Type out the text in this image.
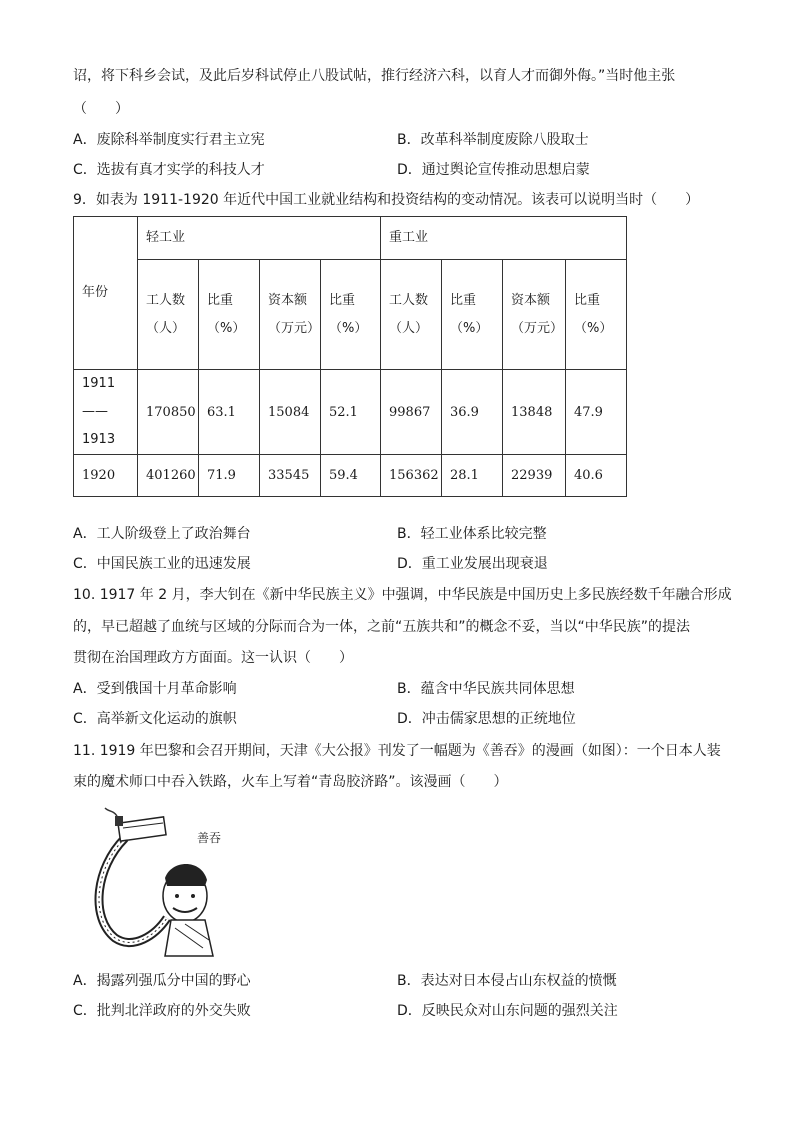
诏，将下科乡会试，及此后岁科试停止八股试帖，推行经济六科，以育人才而御外侮。”当时他主张
（　　）
A．废除科举制度实行君主立宪	B．改革科举制度废除八股取士
C．选拔有真才实学的科技人才	D．通过舆论宣传推动思想启蒙
9．如表为 1911-1920 年近代中国工业就业结构和投资结构的变动情况。该表可以说明当时（　　）
年份	轻工业				重工业			
	工人数（人）	比重（%）	资本额（万元）	比重（%）	工人数（人）	比重（%）	资本额（万元）	比重（%）
1911——1913	170850	63.1	15084	52.1	99867	36.9	13848	47.9
1920	401260	71.9	33545	59.4	156362	28.1	22939	40.6
A．工人阶级登上了政治舞台	B．轻工业体系比较完整
C．中国民族工业的迅速发展	D．重工业发展出现衰退
10. 1917 年 2 月，李大钊在《新中华民族主义》中强调，中华民族是中国历史上多民族经数千年融合形成
的，早已超越了血统与区域的分际而合为一体，之前“五族共和”的概念不妥，当以“中华民族”的提法
贯彻在治国理政方方面面。这一认识（　　）
A．受到俄国十月革命影响	B．蕴含中华民族共同体思想
C．高举新文化运动的旗帜	D．冲击儒家思想的正统地位
11. 1919 年巴黎和会召开期间，天津《大公报》刊发了一幅题为《善吞》的漫画（如图）：一个日本人装
束的魔术师口中吞入铁路，火车上写着“青岛胶济路”。该漫画（　　）
善吞
A．揭露列强瓜分中国的野心	B．表达对日本侵占山东权益的愤慨
C．批判北洋政府的外交失败	D．反映民众对山东问题的强烈关注
